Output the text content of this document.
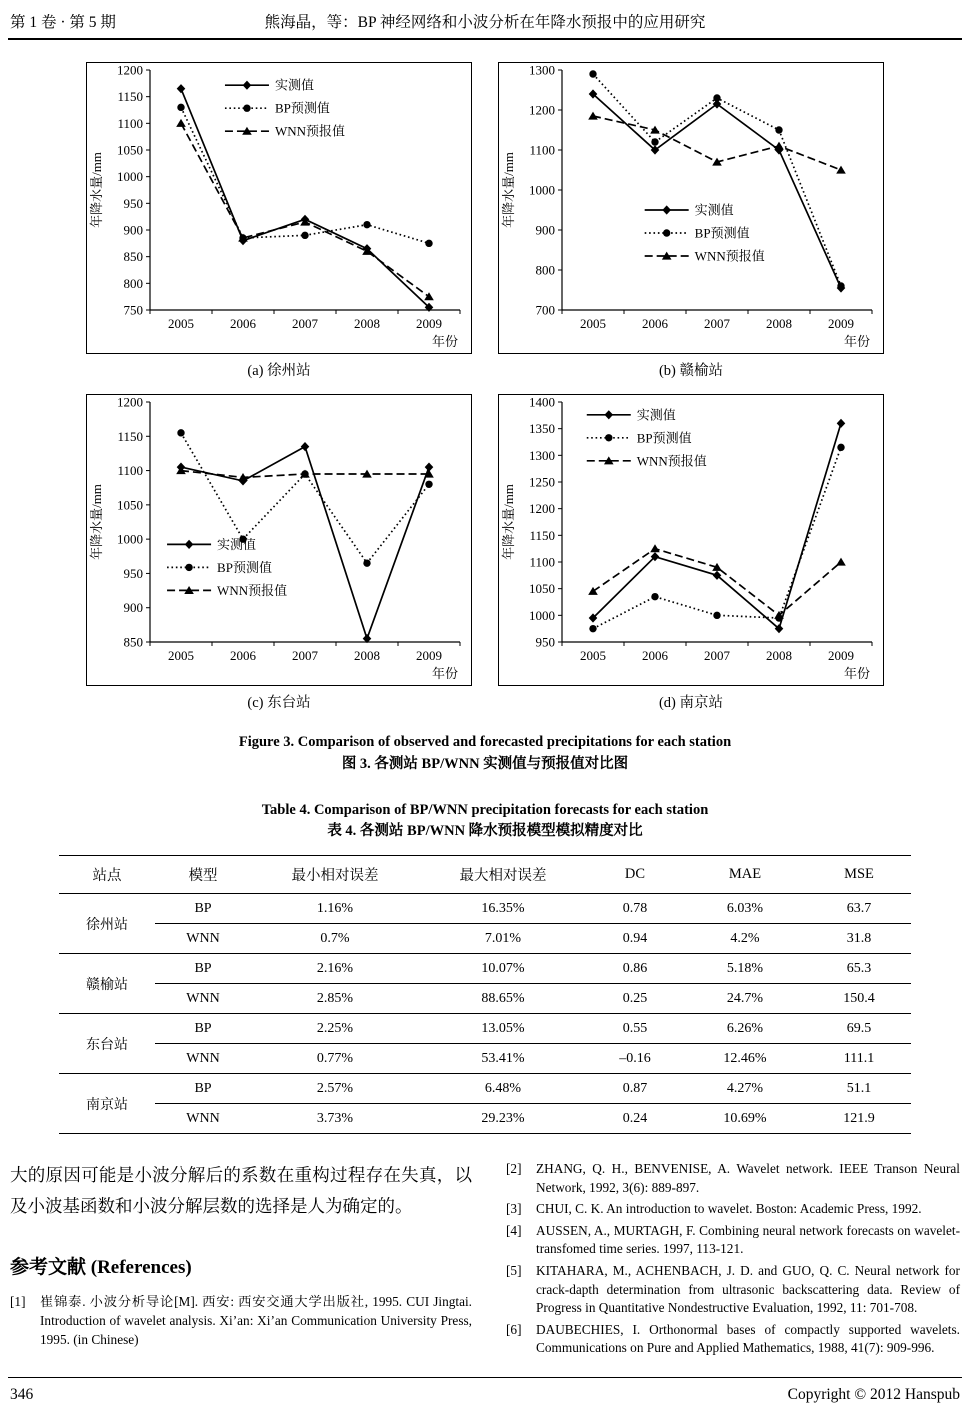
第 1 卷 · 第 5 期	熊海晶，等：BP 神经网络和小波分析在年降水预报中的应用研究
750
800
850
900
950
1000
1050
1100
1150
1200
2005	2006	2007	2008	2009
年份
年降水量/mm
实测值
BP预测值
WNN预报值
(a) 徐州站
700
800
900
1000
1100
1200
1300
2005	2006	2007	2008	2009
年份
年降水量/mm	实测值
BP预测值
WNN预报值
(b) 赣榆站
850
900
950
1000
1050
1100
1150
1200
2005	2006	2007	2008	2009
年份
年降水量/mm	实测值
BP预测值
WNN预报值
(c) 东台站
950
1000
1050
1100
1150
1200
1250
1300
1350
1400
2005	2006	2007	2008	2009
年份
年降水量/mm
实测值
BP预测值
WNN预报值
(d) 南京站
Figure 3. Comparison of observed and forecasted precipitations for each station
图 3. 各测站 BP/WNN 实测值与预报值对比图
Table 4. Comparison of BP/WNN precipitation forecasts for each station
表 4. 各测站 BP/WNN 降水预报模型模拟精度对比
站点	模型	最小相对误差	最大相对误差	DC	MAE	MSE
徐州站	BP	1.16%	16.35%	0.78	6.03%	63.7
	WNN	0.7%	7.01%	0.94	4.2%	31.8
赣榆站	BP	2.16%	10.07%	0.86	5.18%	65.3
	WNN	2.85%	88.65%	0.25	24.7%	150.4
东台站	BP	2.25%	13.05%	0.55	6.26%	69.5
	WNN	0.77%	53.41%	–0.16	12.46%	111.1
南京站	BP	2.57%	6.48%	0.87	4.27%	51.1
	WNN	3.73%	29.23%	0.24	10.69%	121.9

大的原因可能是小波分解后的系数在重构过程存在失真，以及小波基函数和小波分解层数的选择是人为确定的。

参考文献 (References)
[1]	崔锦泰. 小波分析导论[M]. 西安: 西安交通大学出版社, 1995. CUI Jingtai. Introduction of wavelet analysis. Xi’an: Xi’an Communication University Press, 1995. (in Chinese)
[2]	ZHANG, Q. H., BENVENISE, A. Wavelet network. IEEE Transon Neural Network, 1992, 3(6): 889-897.
[3]	CHUI, C. K. An introduction to wavelet. Boston: Academic Press, 1992.
[4]	AUSSEN, A., MURTAGH, F. Combining neural network forecasts on wavelet-transfomed time series. 1997, 113-121.
[5]	KITAHARA, M., ACHENBACH, J. D. and GUO, Q. C. Neural network for crack-dapth determination from ultrasonic backscattering data. Review of Progress in Quantitative Nondestructive Evaluation, 1992, 11: 701-708.
[6]	DAUBECHIES, I. Orthonormal bases of compactly supported wavelets. Communications on Pure and Applied Mathematics, 1988, 41(7): 909-996.
346	Copyright © 2012 Hanspub
